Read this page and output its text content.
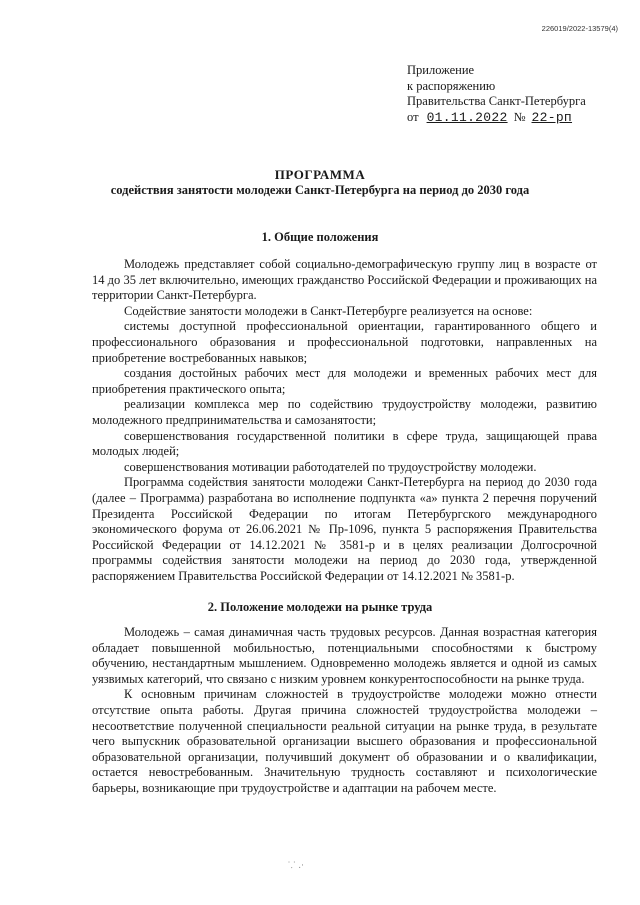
226019/2022-13579(4)
Приложение
к распоряжению
Правительства Санкт-Петербурга
от 01.11.2022 № 22-рп
ПРОГРАММА
содействия занятости молодежи Санкт-Петербурга на период до 2030 года
1. Общие положения

Молодежь представляет собой социально-демографическую группу лиц в возрасте от 14 до 35 лет включительно, имеющих гражданство Российской Федерации и проживающих на территории Санкт-Петербурга.

Содействие занятости молодежи в Санкт-Петербурге реализуется на основе:

системы доступной профессиональной ориентации, гарантированного общего и профессионального образования и профессиональной подготовки, направленных на приобретение востребованных навыков;

создания достойных рабочих мест для молодежи и временных рабочих мест для приобретения практического опыта;

реализации комплекса мер по содействию трудоустройству молодежи, развитию молодежного предпринимательства и самозанятости;

совершенствования государственной политики в сфере труда, защищающей права молодых людей;

совершенствования мотивации работодателей по трудоустройству молодежи.

Программа содействия занятости молодежи Санкт-Петербурга на период до 2030 года (далее – Программа) разработана во исполнение подпункта «а» пункта 2 перечня поручений Президента Российской Федерации по итогам Петербургского международного экономического форума от 26.06.2021 № Пр-1096, пункта 5 распоряжения Правительства Российской Федерации от 14.12.2021 № 3581-р и в целях реализации Долгосрочной программы содействия занятости молодежи на период до 2030 года, утвержденной распоряжением Правительства Российской Федерации от 14.12.2021 № 3581-р.

2. Положение молодежи на рынке труда

Молодежь – самая динамичная часть трудовых ресурсов. Данная возрастная категория обладает повышенной мобильностью, потенциальными способностями к быстрому обучению, нестандартным мышлением. Одновременно молодежь является и одной из самых уязвимых категорий, что связано с низким уровнем конкурентоспособности на рынке труда.

К основным причинам сложностей в трудоустройстве молодежи можно отнести отсутствие опыта работы. Другая причина сложностей трудоустройства молодежи – несоответствие полученной специальности реальной ситуации на рынке труда, в результате чего выпускник образовательной организации высшего образования и профессиональной образовательной организации, получивший документ об образовании и о квалификации, остается невостребованным. Значительную трудность составляют и психологические барьеры, возникающие при трудоустройстве и адаптации на рабочем месте.

⸪ .·
